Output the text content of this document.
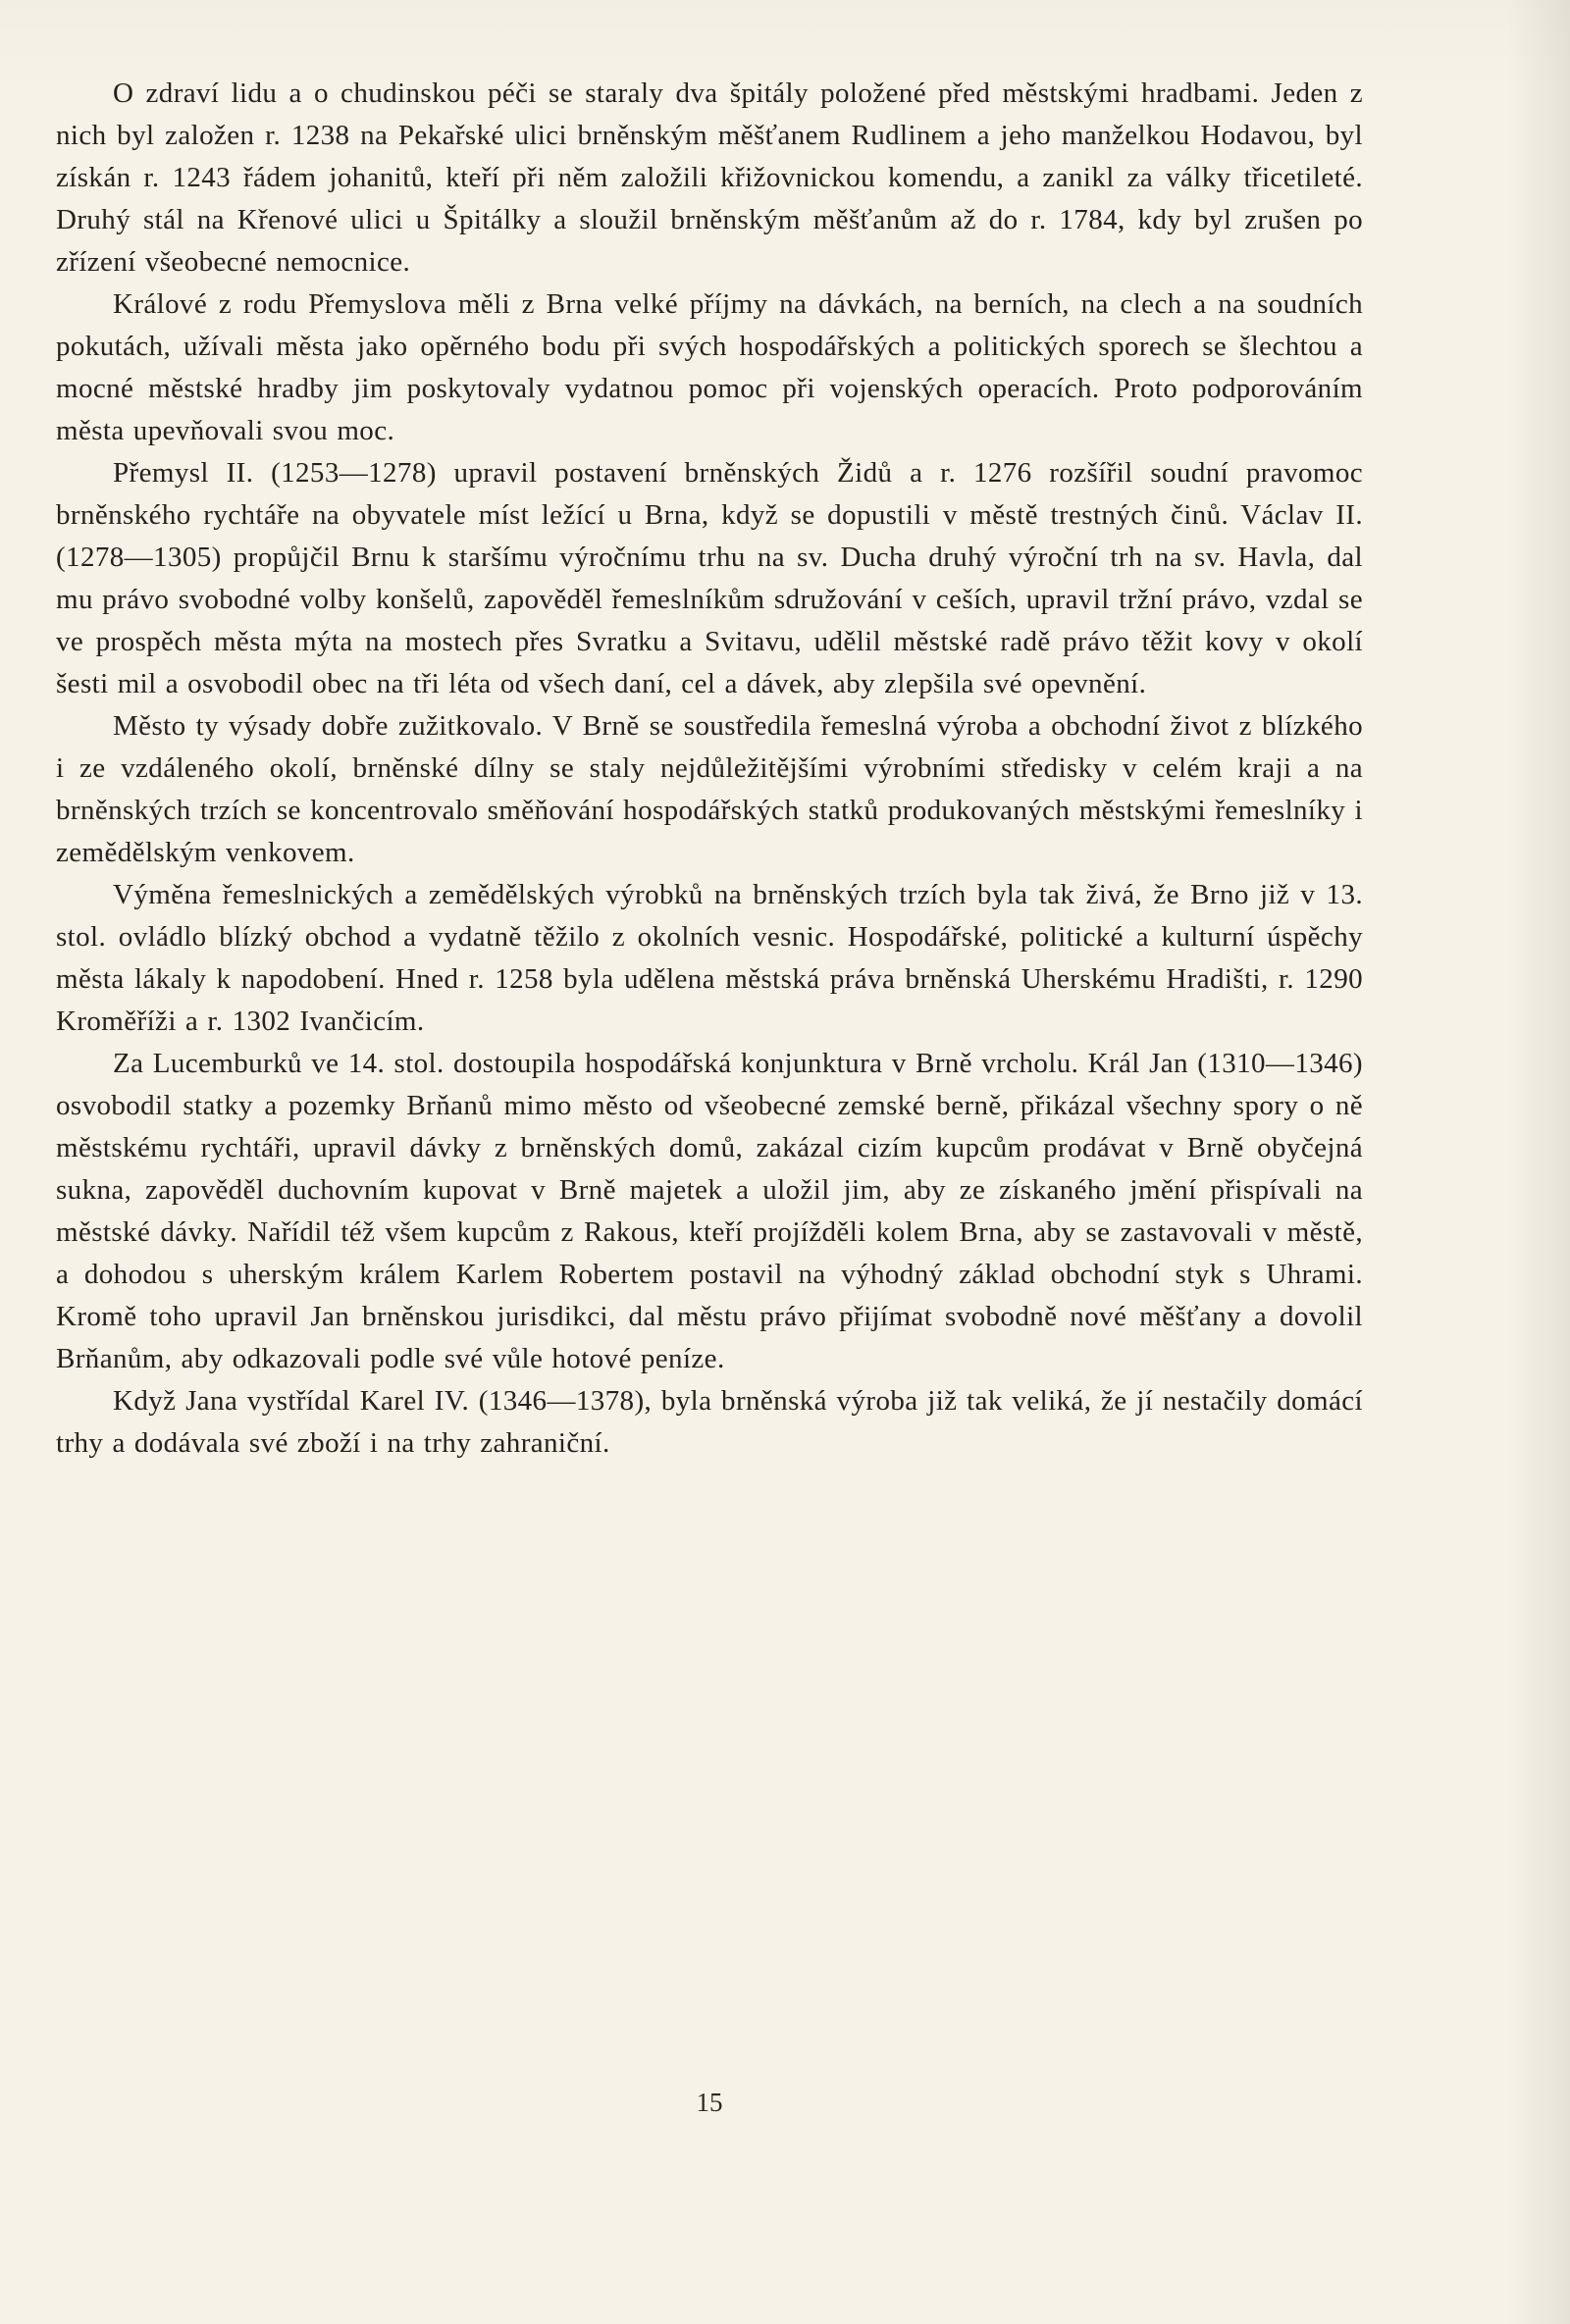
O zdraví lidu a o chudinskou péči se staraly dva špitály položené před městskými hradbami. Jeden z nich byl založen r. 1238 na Pekařské ulici brněnským měšťanem Rudlinem a jeho manželkou Hodavou, byl získán r. 1243 řádem johanitů, kteří při něm založili křižovnickou komendu, a zanikl za války třicetileté. Druhý stál na Křenové ulici u Špitálky a sloužil brněnským měšťanům až do r. 1784, kdy byl zrušen po zřízení všeobecné nemocnice.

Králové z rodu Přemyslova měli z Brna velké příjmy na dávkách, na berních, na clech a na soudních pokutách, užívali města jako opěrného bodu při svých hospodářských a politických sporech se šlechtou a mocné městské hradby jim poskytovaly vydatnou pomoc při vojenských operacích. Proto podporováním města upevňovali svou moc.

Přemysl II. (1253—1278) upravil postavení brněnských Židů a r. 1276 rozšířil soudní pravomoc brněnského rychtáře na obyvatele míst ležící u Brna, když se dopustili v městě trestných činů. Václav II. (1278—1305) propůjčil Brnu k staršímu výročnímu trhu na sv. Ducha druhý výroční trh na sv. Havla, dal mu právo svobodné volby konšelů, zapověděl řemeslníkům sdružování v ceších, upravil tržní právo, vzdal se ve prospěch města mýta na mostech přes Svratku a Svitavu, udělil městské radě právo těžit kovy v okolí šesti mil a osvobodil obec na tři léta od všech daní, cel a dávek, aby zlepšila své opevnění.

Město ty výsady dobře zužitkovalo. V Brně se soustředila řemeslná výroba a obchodní život z blízkého i ze vzdáleného okolí, brněnské dílny se staly nejdůležitějšími výrobními středisky v celém kraji a na brněnských trzích se koncentrovalo směňování hospodářských statků produkovaných městskými řemeslníky i zemědělským venkovem.

Výměna řemeslnických a zemědělských výrobků na brněnských trzích byla tak živá, že Brno již v 13. stol. ovládlo blízký obchod a vydatně těžilo z okolních vesnic. Hospodářské, politické a kulturní úspěchy města lákaly k napodobení. Hned r. 1258 byla udělena městská práva brněnská Uherskému Hradišti, r. 1290 Kroměříži a r. 1302 Ivančicím.

Za Lucemburků ve 14. stol. dostoupila hospodářská konjunktura v Brně vrcholu. Král Jan (1310—1346) osvobodil statky a pozemky Brňanů mimo město od všeobecné zemské berně, přikázal všechny spory o ně městskému rychtáři, upravil dávky z brněnských domů, zakázal cizím kupcům prodávat v Brně obyčejná sukna, zapověděl duchovním kupovat v Brně majetek a uložil jim, aby ze získaného jmění přispívali na městské dávky. Nařídil též všem kupcům z Rakous, kteří projížděli kolem Brna, aby se zastavovali v městě, a dohodou s uherským králem Karlem Robertem postavil na výhodný základ obchodní styk s Uhrami. Kromě toho upravil Jan brněnskou jurisdikci, dal městu právo přijímat svobodně nové měšťany a dovolil Brňanům, aby odkazovali podle své vůle hotové peníze.

Když Jana vystřídal Karel IV. (1346—1378), byla brněnská výroba již tak veliká, že jí nestačily domácí trhy a dodávala své zboží i na trhy zahraniční.

15
